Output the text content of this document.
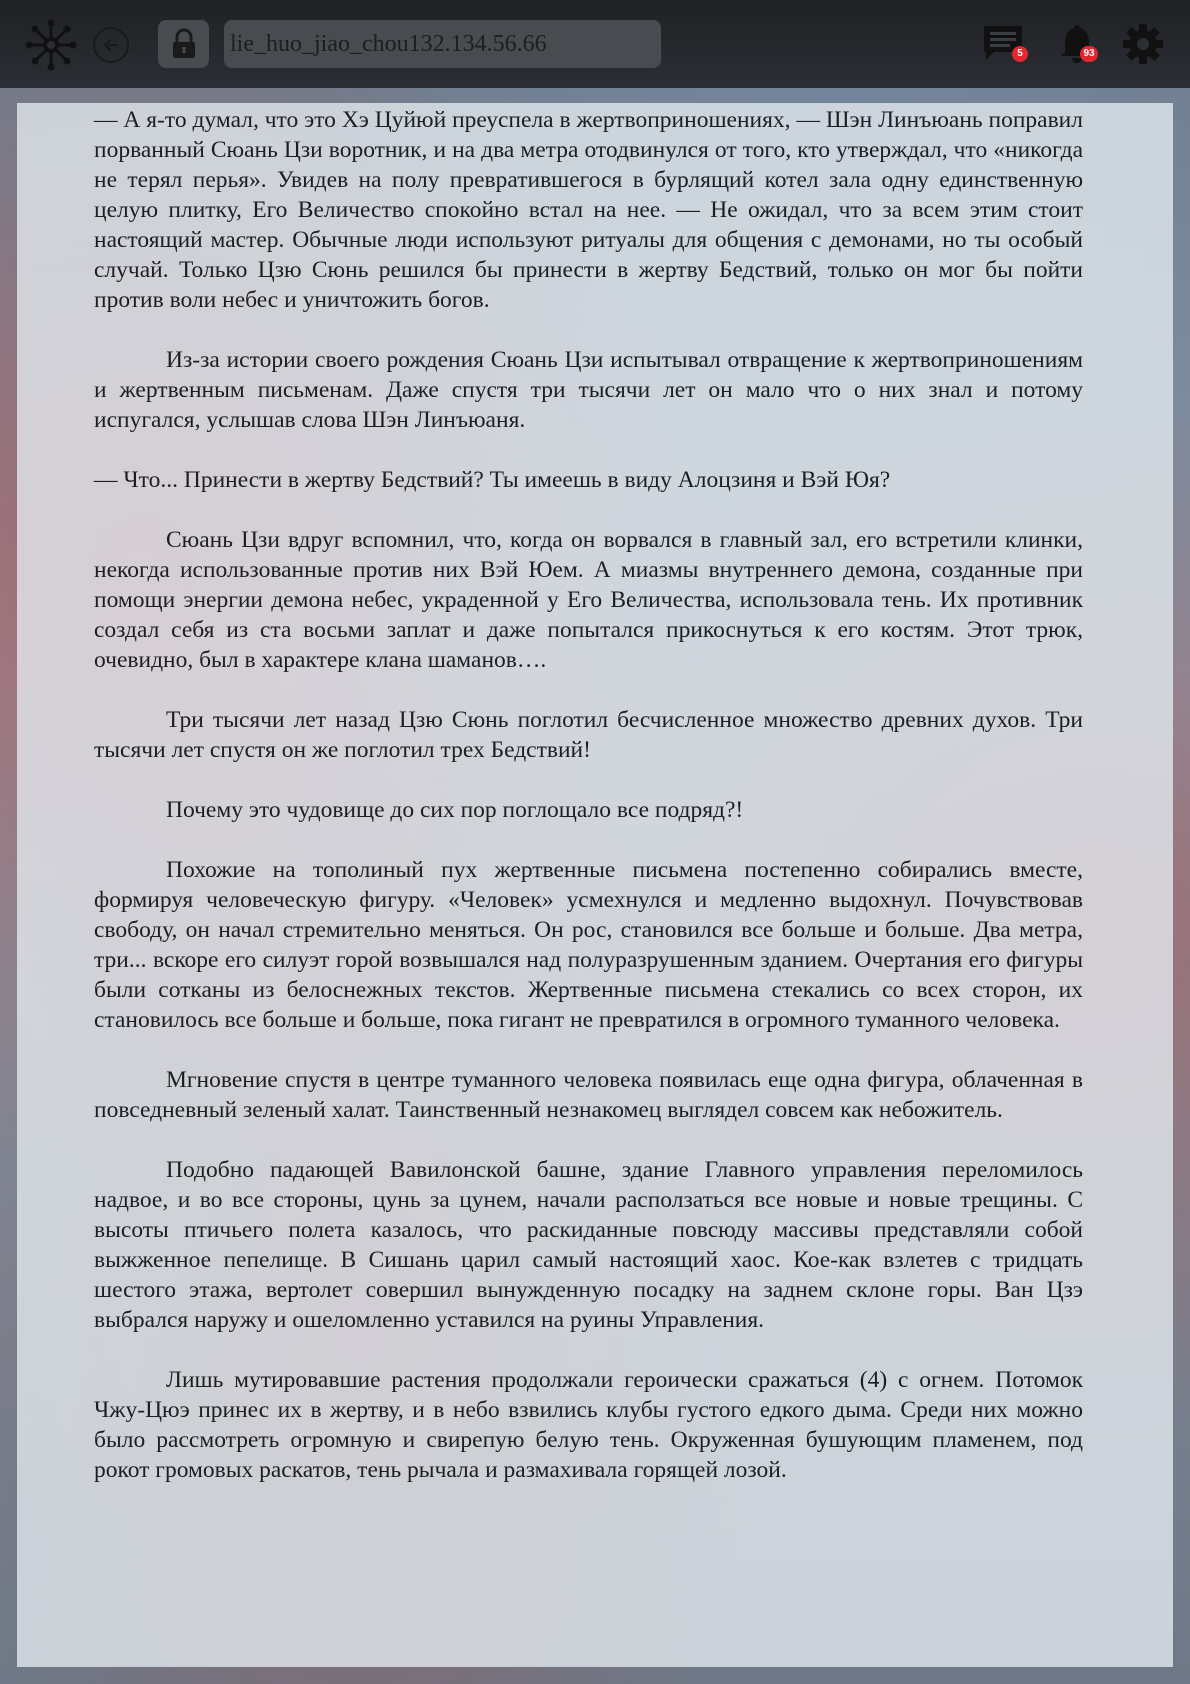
lie_huo_jiao_chou132.134.56.66	5	93

— А я-то думал, что это Хэ Цуйюй преуспела в жертвоприношениях, — Шэн Линъюань поправил порванный Сюань Цзи воротник, и на два метра отодвинулся от того, кто утверждал, что «никогда не терял перья». Увидев на полу превратившегося в бурлящий котел зала одну единственную целую плитку, Его Величество спокойно встал на нее. — Не ожидал, что за всем этим стоит настоящий мастер. Обычные люди используют ритуалы для общения с демонами, но ты особый случай. Только Цзю Сюнь решился бы принести в жертву Бедствий, только он мог бы пойти против воли небес и уничтожить богов.

Из-за истории своего рождения Сюань Цзи испытывал отвращение к жертвоприношениям и жертвенным письменам. Даже спустя три тысячи лет он мало что о них знал и потому испугался, услышав слова Шэн Линъюаня.

— Что... Принести в жертву Бедствий? Ты имеешь в виду Алоцзиня и Вэй Юя?

Сюань Цзи вдруг вспомнил, что, когда он ворвался в главный зал, его встретили клинки, некогда использованные против них Вэй Юем. А миазмы внутреннего демона, созданные при помощи энергии демона небес, украденной у Его Величества, использовала тень. Их противник создал себя из ста восьми заплат и даже попытался прикоснуться к его костям. Этот трюк, очевидно, был в характере клана шаманов….

Три тысячи лет назад Цзю Сюнь поглотил бесчисленное множество древних духов. Три тысячи лет спустя он же поглотил трех Бедствий!

Почему это чудовище до сих пор поглощало все подряд?!

Похожие на тополиный пух жертвенные письмена постепенно собирались вместе, формируя человеческую фигуру. «Человек» усмехнулся и медленно выдохнул. Почувствовав свободу, он начал стремительно меняться. Он рос, становился все больше и больше. Два метра, три... вскоре его силуэт горой возвышался над полуразрушенным зданием. Очертания его фигуры были сотканы из белоснежных текстов. Жертвенные письмена стекались со всех сторон, их становилось все больше и больше, пока гигант не превратился в огромного туманного человека.

Мгновение спустя в центре туманного человека появилась еще одна фигура, облаченная в повседневный зеленый халат. Таинственный незнакомец выглядел совсем как небожитель.

Подобно падающей Вавилонской башне, здание Главного управления переломилось надвое, и во все стороны, цунь за цунем, начали расползаться все новые и новые трещины. С высоты птичьего полета казалось, что раскиданные повсюду массивы представляли собой выжженное пепелище. В Сишань царил самый настоящий хаос. Кое-как взлетев с тридцать шестого этажа, вертолет совершил вынужденную посадку на заднем склоне горы. Ван Цзэ выбрался наружу и ошеломленно уставился на руины Управления.

Лишь мутировавшие растения продолжали героически сражаться (4) с огнем. Потомок Чжу-Цюэ принес их в жертву, и в небо взвились клубы густого едкого дыма. Среди них можно было рассмотреть огромную и свирепую белую тень. Окруженная бушующим пламенем, под рокот громовых раскатов, тень рычала и размахивала горящей лозой.
